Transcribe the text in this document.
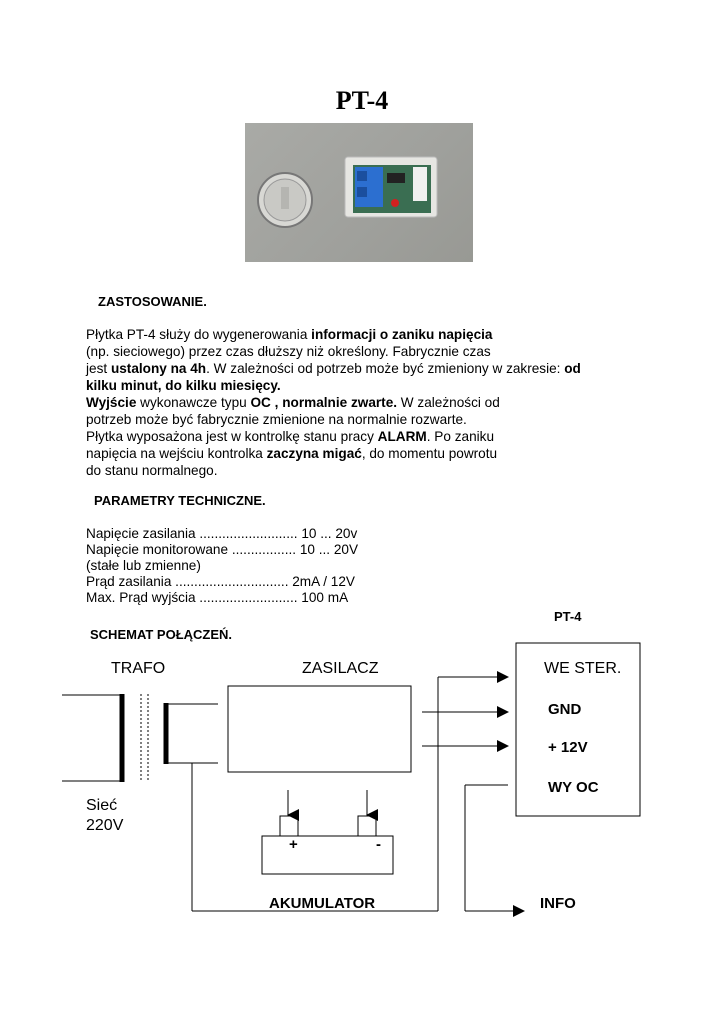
PT-4
ZASTOSOWANIE.
Płytka PT-4 służy do wygenerowania informacji o zaniku napięcia
(np. sieciowego) przez czas dłuższy niż określony. Fabrycznie czas
jest ustalony na 4h. W zależności od potrzeb może być zmieniony w zakresie: od
kilku minut, do kilku miesięcy.
Wyjście wykonawcze typu OC , normalnie zwarte. W zależności od
potrzeb może być fabrycznie zmienione na normalnie rozwarte.
Płytka wyposażona jest w kontrolkę stanu pracy ALARM. Po zaniku
napięcia na wejściu kontrolka zaczyna migać, do momentu powrotu
do stanu normalnego.
PARAMETRY TECHNICZNE.
Napięcie zasilania .......................... 10 ... 20v
Napięcie monitorowane ................. 10 ... 20V
(stałe lub zmienne)
Prąd zasilania .............................. 2mA / 12V
Max. Prąd wyjścia .......................... 100 mA
PT-4
SCHEMAT POŁĄCZEŃ.
TRAFO	ZASILACZ
Sieć
220V
WE STER.
GND
+ 12V
WY OC
+	-
AKUMULATOR	INFO
